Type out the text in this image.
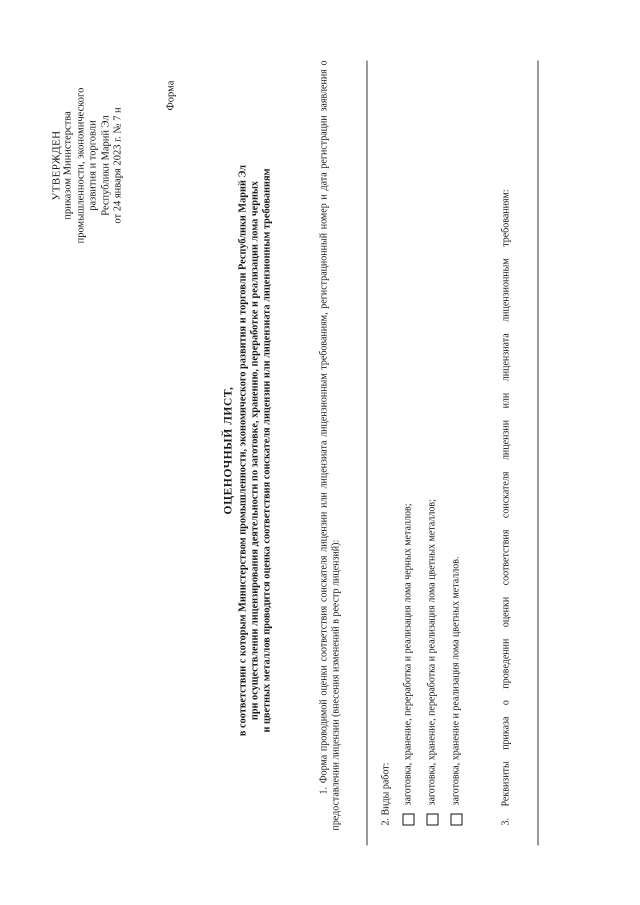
УТВЕРЖДЕН приказом Министерства промышленности, экономического развития и торговли Республики Марий Эл от 24 января 2023 г. № 7 н
Форма
ОЦЕНОЧНЫЙ ЛИСТ, в соответствии с которым Министерством промышленности, экономического развития и торговли Республики Марий Эл при осуществлении лицензирования деятельности по заготовке, хранению, переработке и реализации лома черных и цветных металлов проводится оценка соответствия соискателя лицензии или лицензиата лицензионным требованиям	1. Форма проводимой оценки соответствия соискателя лицензии или лицензиата лицензионным требованиям, регистрационный номер и дата регистрации заявления о предоставлении лицензии (внесения изменений в реестр лицензий):	2. Виды работ: заготовка, хранение, переработка и реализация лома черных металлов; заготовка, хранение, переработка и реализация лома цветных металлов; заготовка, хранение и реализация лома цветных металлов.	3. Реквизиты приказа о проведении оценки соответствия соискателя лицензии или лицензиата лицензионным требованиям:
